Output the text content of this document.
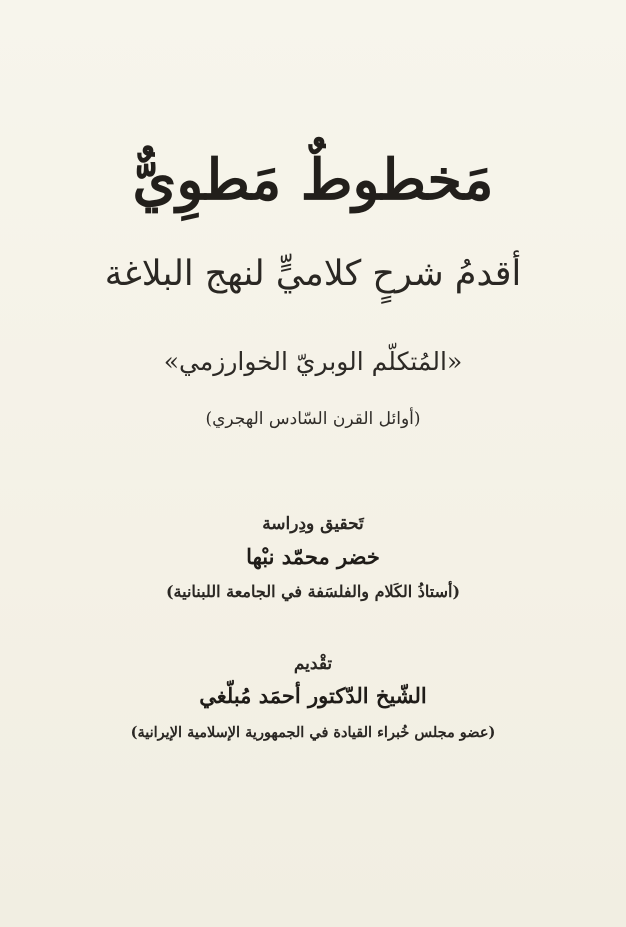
مَخطوطٌ مَطوِيٌّ
أقدمُ شرحٍ كلاميٍّ لنهج البلاغة
«المُتكلّم الوبريّ الخوارزمي»
(أوائل القرن السّادس الهجري)
تَحقيق ودِراسة
خضر محمّد نبْها
(أستاذُ الكَلام والفلسَفة في الجامعة اللبنانية)
تقْديم
الشّيخ الدّكتور أحمَد مُبلّغي
(عضو مجلس خُبراء القيادة في الجمهورية الإسلامية الإيرانية)
